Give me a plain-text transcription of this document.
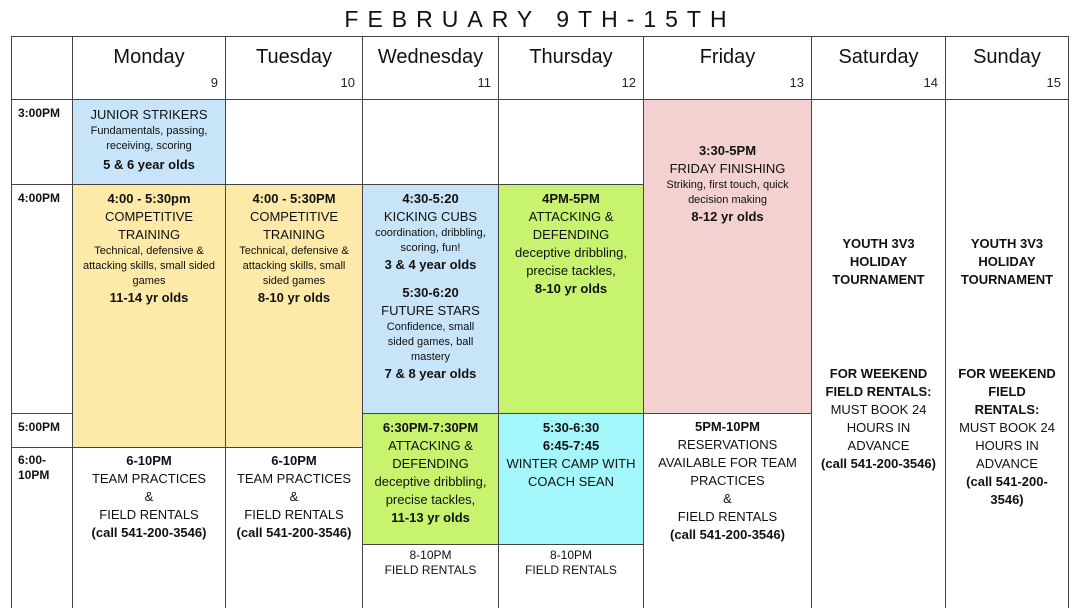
FEBRUARY 9TH-15TH
JUNIOR STRIKERS
Fundamentals, passing, receiving, scoring
5 & 6 year olds
4:00 - 5:30pm
COMPETITIVE TRAINING
Technical, defensive & attacking skills, small sided games
11-14 yr olds
4:00 - 5:30PM
COMPETITIVE TRAINING
Technical, defensive & attacking skills, small sided games
8-10 yr olds
4:30-5:20
KICKING CUBS
coordination, dribbling, scoring, fun!
3 & 4 year olds
5:30-6:20
FUTURE STARS
Confidence, small sided games, ball mastery
7 & 8 year olds
4PM-5PM
ATTACKING & DEFENDING
deceptive dribbling, precise tackles,
8-10 yr olds
3:30-5PM
FRIDAY FINISHING
Striking, first touch, quick decision making
8-12 yr olds
6:30PM-7:30PM
ATTACKING & DEFENDING
deceptive dribbling, precise tackles,
11-13 yr olds
5:30-6:30
6:45-7:45
WINTER CAMP WITH COACH SEAN
8-10PM
FIELD RENTALS
8-10PM
FIELD RENTALS
6-10PM
TEAM PRACTICES
&
FIELD RENTALS
(call 541-200-3546)
6-10PM
TEAM PRACTICES
&
FIELD RENTALS
(call 541-200-3546)
5PM-10PM
RESERVATIONS AVAILABLE FOR TEAM PRACTICES
&
FIELD RENTALS
(call 541-200-3546)
YOUTH 3V3 HOLIDAY TOURNAMENT
FOR WEEKEND FIELD RENTALS:
MUST BOOK 24 HOURS IN ADVANCE
(call 541-200-3546)
YOUTH 3V3 HOLIDAY TOURNAMENT
FOR WEEKEND FIELD RENTALS:
MUST BOOK 24 HOURS IN ADVANCE
(call 541-200-3546)
Monday
9
Tuesday
10
Wednesday
11
Thursday
12
Friday
13
Saturday
14
Sunday
15
3:00PM
4:00PM
5:00PM
6:00-
10PM
